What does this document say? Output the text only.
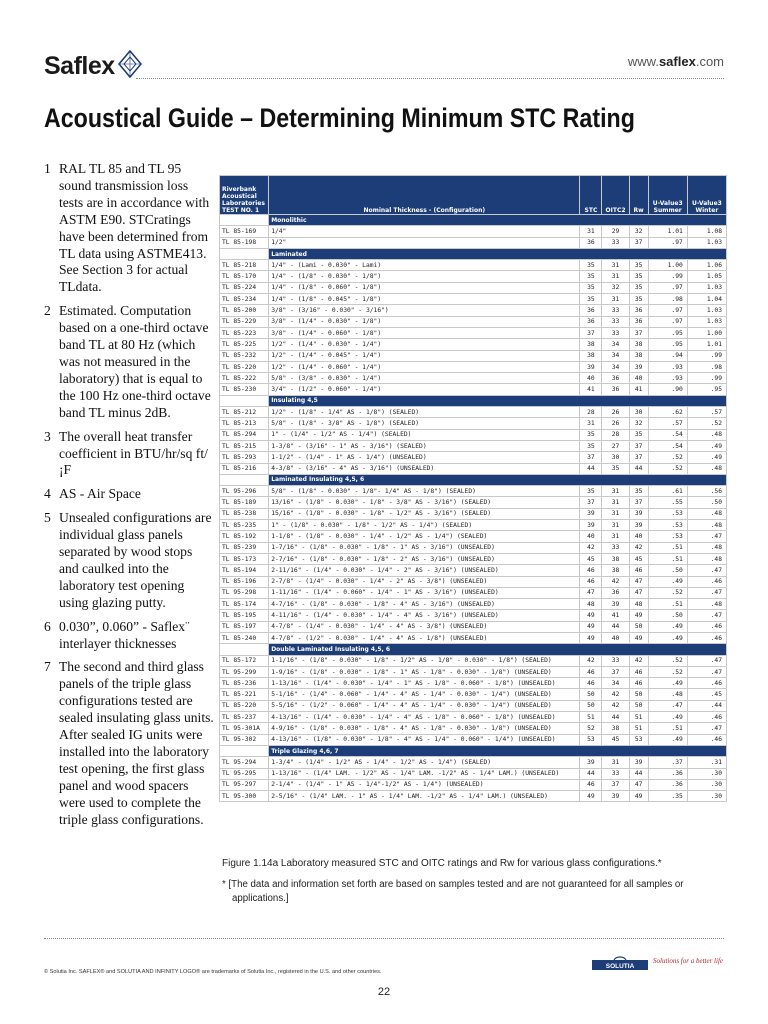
Saflex	www.saflex.com
Acoustical Guide – Determining Minimum STC Rating
1 RAL TL 85 and TL 95 sound transmission loss tests are in accordance with ASTM E90. STCratings have been determined from TL data using ASTME413. See Section 3 for actual TLdata.
2 Estimated. Computation based on a one-third octave band TL at 80 Hz (which was not measured in the laboratory) that is equal to the 100 Hz one-third octave band TL minus 2dB.
3 The overall heat transfer coefficient in BTU/hr/sq ft/¡F
4 AS - Air Space
5 Unsealed configurations are individual glass panels separated by wood stops and caulked into the laboratory test opening using glazing putty.
6 0.030”, 0.060” - Saflex¨ interlayer thicknesses
7 The second and third glass panels of the triple glass configurations tested are sealed insulating glass units. After sealed IG units were installed into the laboratory test opening, the first glass panel and wood spacers were used to complete the triple glass configurations.
Riverbank Acoustical Laboratories TEST NO. 1	Nominal Thickness - (Configuration)	STC	OITC2	Rw	U-Value3 Summer	U-Value3 Winter
	Monolithic					
TL 85-169	1/4"	31	29	32	1.01	1.08
TL 85-198	1/2"	36	33	37	.97	1.03
	Laminated					
TL 85-218	1/4" - (Lami - 0.030" - Lami)	35	31	35	1.00	1.06
TL 85-170	1/4" - (1/8" - 0.030" - 1/8")	35	31	35	.99	1.05
TL 85-224	1/4" - (1/8" - 0.060" - 1/8")	35	32	35	.97	1.03
TL 85-234	1/4" - (1/8" - 0.045" - 1/8")	35	31	35	.98	1.04
TL 85-200	3/8" - (3/16" - 0.030" - 3/16")	36	33	36	.97	1.03
TL 85-229	3/8" - (1/4" - 0.030" - 1/8")	36	33	36	.97	1.03
TL 85-223	3/8" - (1/4" - 0.060" - 1/8")	37	33	37	.95	1.00
TL 85-225	1/2" - (1/4" - 0.030" - 1/4")	38	34	38	.95	1.01
TL 85-232	1/2" - (1/4" - 0.045" - 1/4")	38	34	38	.94	.99
TL 85-220	1/2" - (1/4" - 0.060" - 1/4")	39	34	39	.93	.98
TL 85-222	5/8" - (3/8" - 0.030" - 1/4")	40	36	40	.93	.99
TL 85-230	3/4" - (1/2" - 0.060" - 1/4")	41	36	41	.90	.95
	Insulating 4,5					
TL 85-212	1/2" - (1/8" - 1/4" AS - 1/8") (SEALED)	28	26	30	.62	.57
TL 85-213	5/8" - (1/8" - 3/8" AS - 1/8") (SEALED)	31	26	32	.57	.52
TL 85-294	1" - (1/4" - 1/2" AS - 1/4") (SEALED)	35	28	35	.54	.48
TL 85-215	1-3/8" - (3/16" - 1" AS - 3/16") (SEALED)	35	27	37	.54	.49
TL 85-293	1-1/2" - (1/4" - 1" AS - 1/4") (UNSEALED)	37	30	37	.52	.49
TL 85-216	4-3/8" - (3/16" - 4" AS - 3/16") (UNSEALED)	44	35	44	.52	.48
	Laminated Insulating 4,5, 6					
TL 95-296	5/8" - (1/8" - 0.030" - 1/8"- 1/4" AS - 1/8") (SEALED)	35	31	35	.61	.56
TL 85-189	13/16" - (1/8" - 0.030" - 1/8" - 3/8" AS - 3/16") (SEALED)	37	31	37	.55	.50
TL 85-238	15/16" - (1/8" - 0.030" - 1/8" - 1/2" AS - 3/16") (SEALED)	39	31	39	.53	.48
TL 85-235	1" - (1/8" - 0.030" - 1/8" - 1/2" AS - 1/4") (SEALED)	39	31	39	.53	.48
TL 85-192	1-1/8" - (1/8" - 0.030" - 1/4" - 1/2" AS - 1/4") (SEALED)	40	31	40	.53	.47
TL 85-239	1-7/16" - (1/8" - 0.030" - 1/8" - 1" AS - 3/16") (UNSEALED)	42	33	42	.51	.48
TL 85-173	2-7/16" - (1/8" - 0.030" - 1/8" - 2" AS - 3/16") (UNSEALED)	45	38	45	.51	.48
TL 85-194	2-11/16" - (1/4" - 0.030" - 1/4" - 2" AS - 3/16") (UNSEALED)	46	38	46	.50	.47
TL 85-196	2-7/8" - (1/4" - 0.030" - 1/4" - 2" AS - 3/8") (UNSEALED)	46	42	47	.49	.46
TL 95-298	1-11/16" - (1/4" - 0.060" - 1/4" - 1" AS - 3/16") (UNSEALED)	47	36	47	.52	.47
TL 85-174	4-7/16" - (1/8" - 0.030" - 1/8" - 4" AS - 3/16") (UNSEALED)	48	39	48	.51	.48
TL 85-195	4-11/16" - (1/4" - 0.030" - 1/4" - 4" AS - 3/16") (UNSEALED)	49	41	49	.50	.47
TL 85-197	4-7/8" - (1/4" - 0.030" - 1/4" - 4" AS - 3/8") (UNSEALED)	49	44	50	.49	.46
TL 85-240	4-7/8" - (1/2" - 0.030" - 1/4" - 4" AS - 1/8") (UNSEALED)	49	40	49	.49	.46
	Double Laminated Insulating 4,5, 6					
TL 85-172	1-1/16" - (1/8" - 0.030" - 1/8" - 1/2" AS - 1/8" - 0.030" - 1/8") (SEALED)	42	33	42	.52	.47
TL 95-299	1-9/16" - (1/8" - 0.030" - 1/8" - 1" AS - 1/8" - 0.030" - 1/8") (UNSEALED)	46	37	46	.52	.47
TL 85-236	1-13/16" - (1/4" - 0.030" - 1/4" - 1" AS - 1/8" - 0.060" - 1/8") (UNSEALED)	46	34	46	.49	.46
TL 85-221	5-1/16" - (1/4" - 0.060" - 1/4" - 4" AS - 1/4" - 0.030" - 1/4") (UNSEALED)	50	42	50	.48	.45
TL 85-220	5-5/16" - (1/2" - 0.060" - 1/4" - 4" AS - 1/4" - 0.030" - 1/4") (UNSEALED)	50	42	50	.47	.44
TL 85-237	4-13/16" - (1/4" - 0.030" - 1/4" - 4" AS - 1/8" - 0.060" - 1/8") (UNSEALED)	51	44	51	.49	.46
TL 95-301A	4-9/16" - (1/8" - 0.030" - 1/8" - 4" AS - 1/8" - 0.030" - 1/8") (UNSEALED)	52	38	51	.51	.47
TL 95-302	4-13/16" - (1/8" - 0.030" - 1/8" - 4" AS - 1/4" - 0.060" - 1/4") (UNSEALED)	53	45	53	.49	.46
	Triple Glazing 4,6, 7					
TL 95-294	1-3/4" - (1/4" - 1/2" AS - 1/4" - 1/2" AS - 1/4") (SEALED)	39	31	39	.37	.31
TL 95-295	1-13/16" - (1/4" LAM. - 1/2" AS - 1/4" LAM. -1/2" AS - 1/4" LAM.) (UNSEALED)	44	33	44	.36	.30
TL 95-297	2-1/4" - (1/4" - 1" AS - 1/4"-1/2" AS - 1/4") (UNSEALED)	46	37	47	.36	.30
TL 95-300	2-5/16" - (1/4" LAM. - 1" AS - 1/4" LAM. -1/2" AS - 1/4" LAM.) (UNSEALED)	49	39	49	.35	.30
Figure 1.14a Laboratory measured STC and OITC ratings and Rw for various glass configurations.*
* [The data and information set forth are based on samples tested and are not guaranteed for all samples or applications.]
© Solutia Inc. SAFLEX® and SOLUTIA AND INFINITY LOGO® are trademarks of Solutia Inc., registered in the U.S. and other countries.
SOLUTIA
Solutions for a better life
22
